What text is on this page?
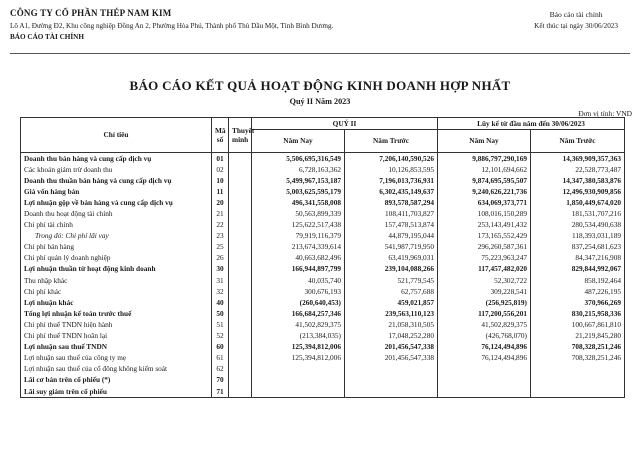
CÔNG TY CỔ PHẦN THÉP NAM KIM
Lô A1, Đường Đ2, Khu công nghiệp Đồng An 2, Phường Hòa Phú, Thành phố Thủ Dầu Một, Tỉnh Bình Dương.
BÁO CÁO TÀI CHÍNH
Báo cáo tài chính
Kết thúc tại ngày 30/06/2023
BÁO CÁO KẾT QUẢ HOẠT ĐỘNG KINH DOANH HỢP NHẤT
Quý II Năm 2023
Đơn vị tính: VND
Chỉ tiêu	Mã số	Thuyết minh	QUÝ II		Lũy kế từ đầu năm đến 30/06/2023	
			Năm Nay	Năm Trước	Năm Nay	Năm Trước
Doanh thu bán hàng và cung cấp dịch vụ	01		5,506,695,316,549	7,206,140,590,526	9,886,797,290,169	14,369,909,357,363
Các khoản giảm trừ doanh thu	02		6,728,163,362	10,126,853,595	12,101,694,662	22,528,773,487
Doanh thu thuần bán hàng và cung cấp dịch vụ	10		5,499,967,153,187	7,196,013,736,931	9,874,695,595,507	14,347,380,583,876
Giá vốn hàng bán	11		5,003,625,595,179	6,302,435,149,637	9,240,626,221,736	12,496,930,909,856
Lợi nhuận gộp về bán hàng và cung cấp dịch vụ	20		496,341,558,008	893,578,587,294	634,069,373,771	1,850,449,674,020
Doanh thu hoạt động tài chính	21		50,563,899,339	108,411,703,827	108,016,150,289	181,531,707,216
Chi phí tài chính	22		125,622,517,438	157,478,513,874	253,143,491,432	280,534,490,638
Trong đó: Chi phí lãi vay	23		79,919,116,379	44,879,195,044	173,165,552,429	118,393,031,189
Chi phí bán hàng	25		213,674,339,614	541,987,719,950	296,260,587,361	837,254,681,623
Chi phí quản lý doanh nghiệp	26		40,663,682,496	63,419,969,031	75,223,963,247	84,347,216,908
Lợi nhuận thuần từ hoạt động kinh doanh	30		166,944,897,799	239,104,088,266	117,457,482,020	829,844,992,067
Thu nhập khác	31		40,035,740	521,779,545	52,302,722	858,192,464
Chi phí khác	32		300,676,193	62,757,688	309,228,541	487,226,195
Lợi nhuận khác	40		(260,640,453)	459,021,857	(256,925,819)	370,966,269
Tổng lợi nhuận kế toán trước thuế	50		166,684,257,346	239,563,110,123	117,200,556,201	830,215,958,336
Chi phí thuế TNDN hiện hành	51		41,502,829,375	21,058,310,505	41,502,829,375	100,667,861,810
Chi phí thuế TNDN hoãn lại	52		(213,384,035)	17,048,252,280	(426,768,070)	21,219,845,280
Lợi nhuận sau thuế TNDN	60		125,394,812,006	201,456,547,338	76,124,494,896	708,328,251,246
Lợi nhuận sau thuế của công ty mẹ	61		125,394,812,006	201,456,547,338	76,124,494,896	708,328,251,246
Lợi nhuận sau thuế của cổ đông không kiểm soát	62					
Lãi cơ bản trên cổ phiếu (*)	70					
Lãi suy giảm trên cổ phiếu	71					
